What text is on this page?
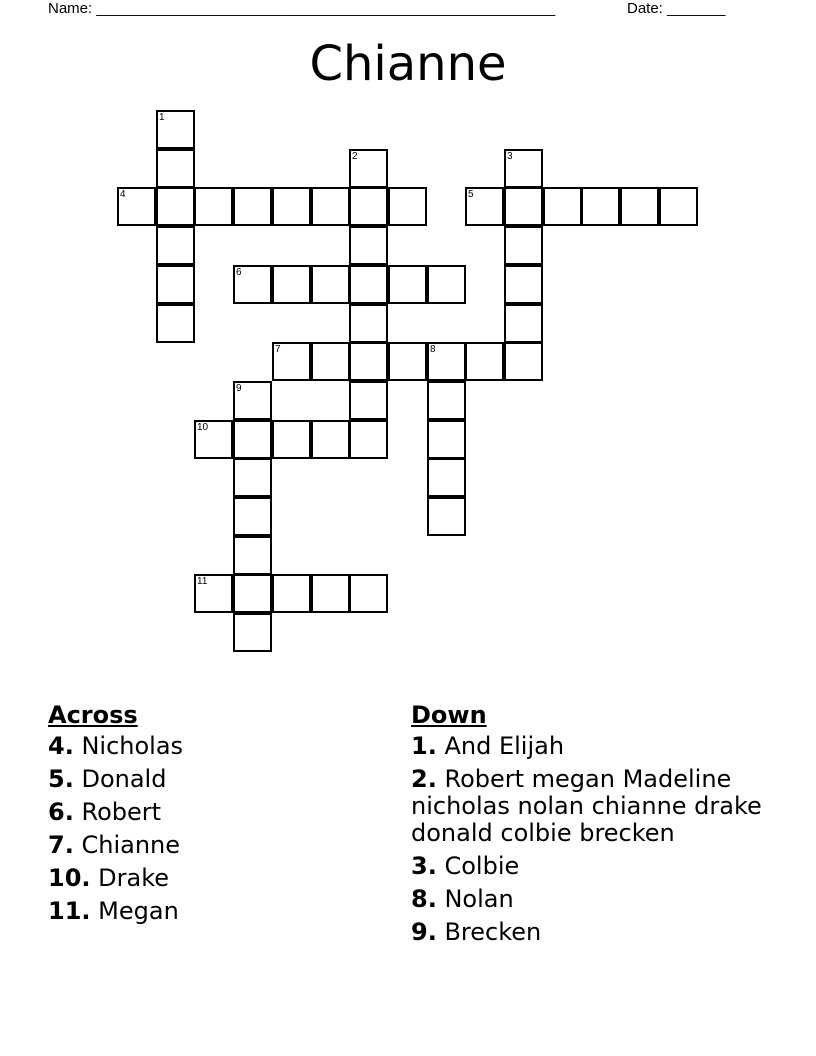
Name: _______________________________________________________	Date: _______
Chianne
4	5
6
7	8
10
11
1
2	3
9
Across
4. Nicholas
5. Donald
6. Robert
7. Chianne
10. Drake
11. Megan
Down
1. And Elijah
2. Robert megan Madeline nicholas nolan chianne drake donald colbie brecken
3. Colbie
8. Nolan
9. Brecken
